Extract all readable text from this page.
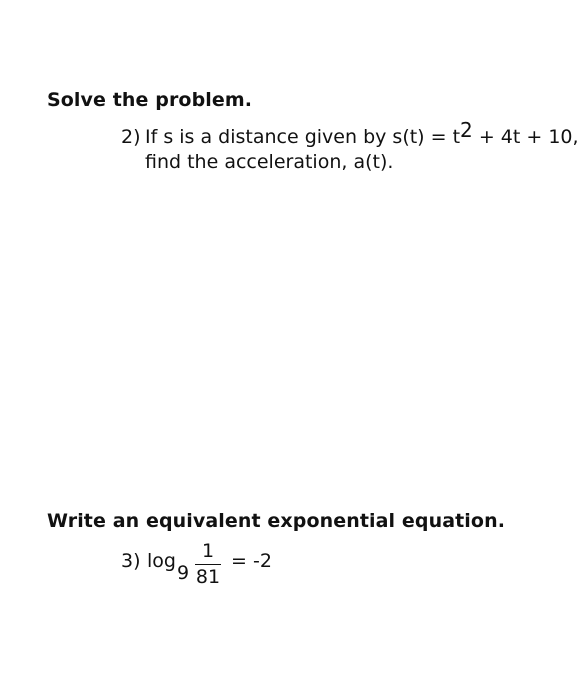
Solve the problem.
2) If s is a distance given by $s(t) = t^2 + 4t + 10$,
find the acceleration, a(t).
Write an equivalent exponential equation.
3) log
9
1
81
= -2
